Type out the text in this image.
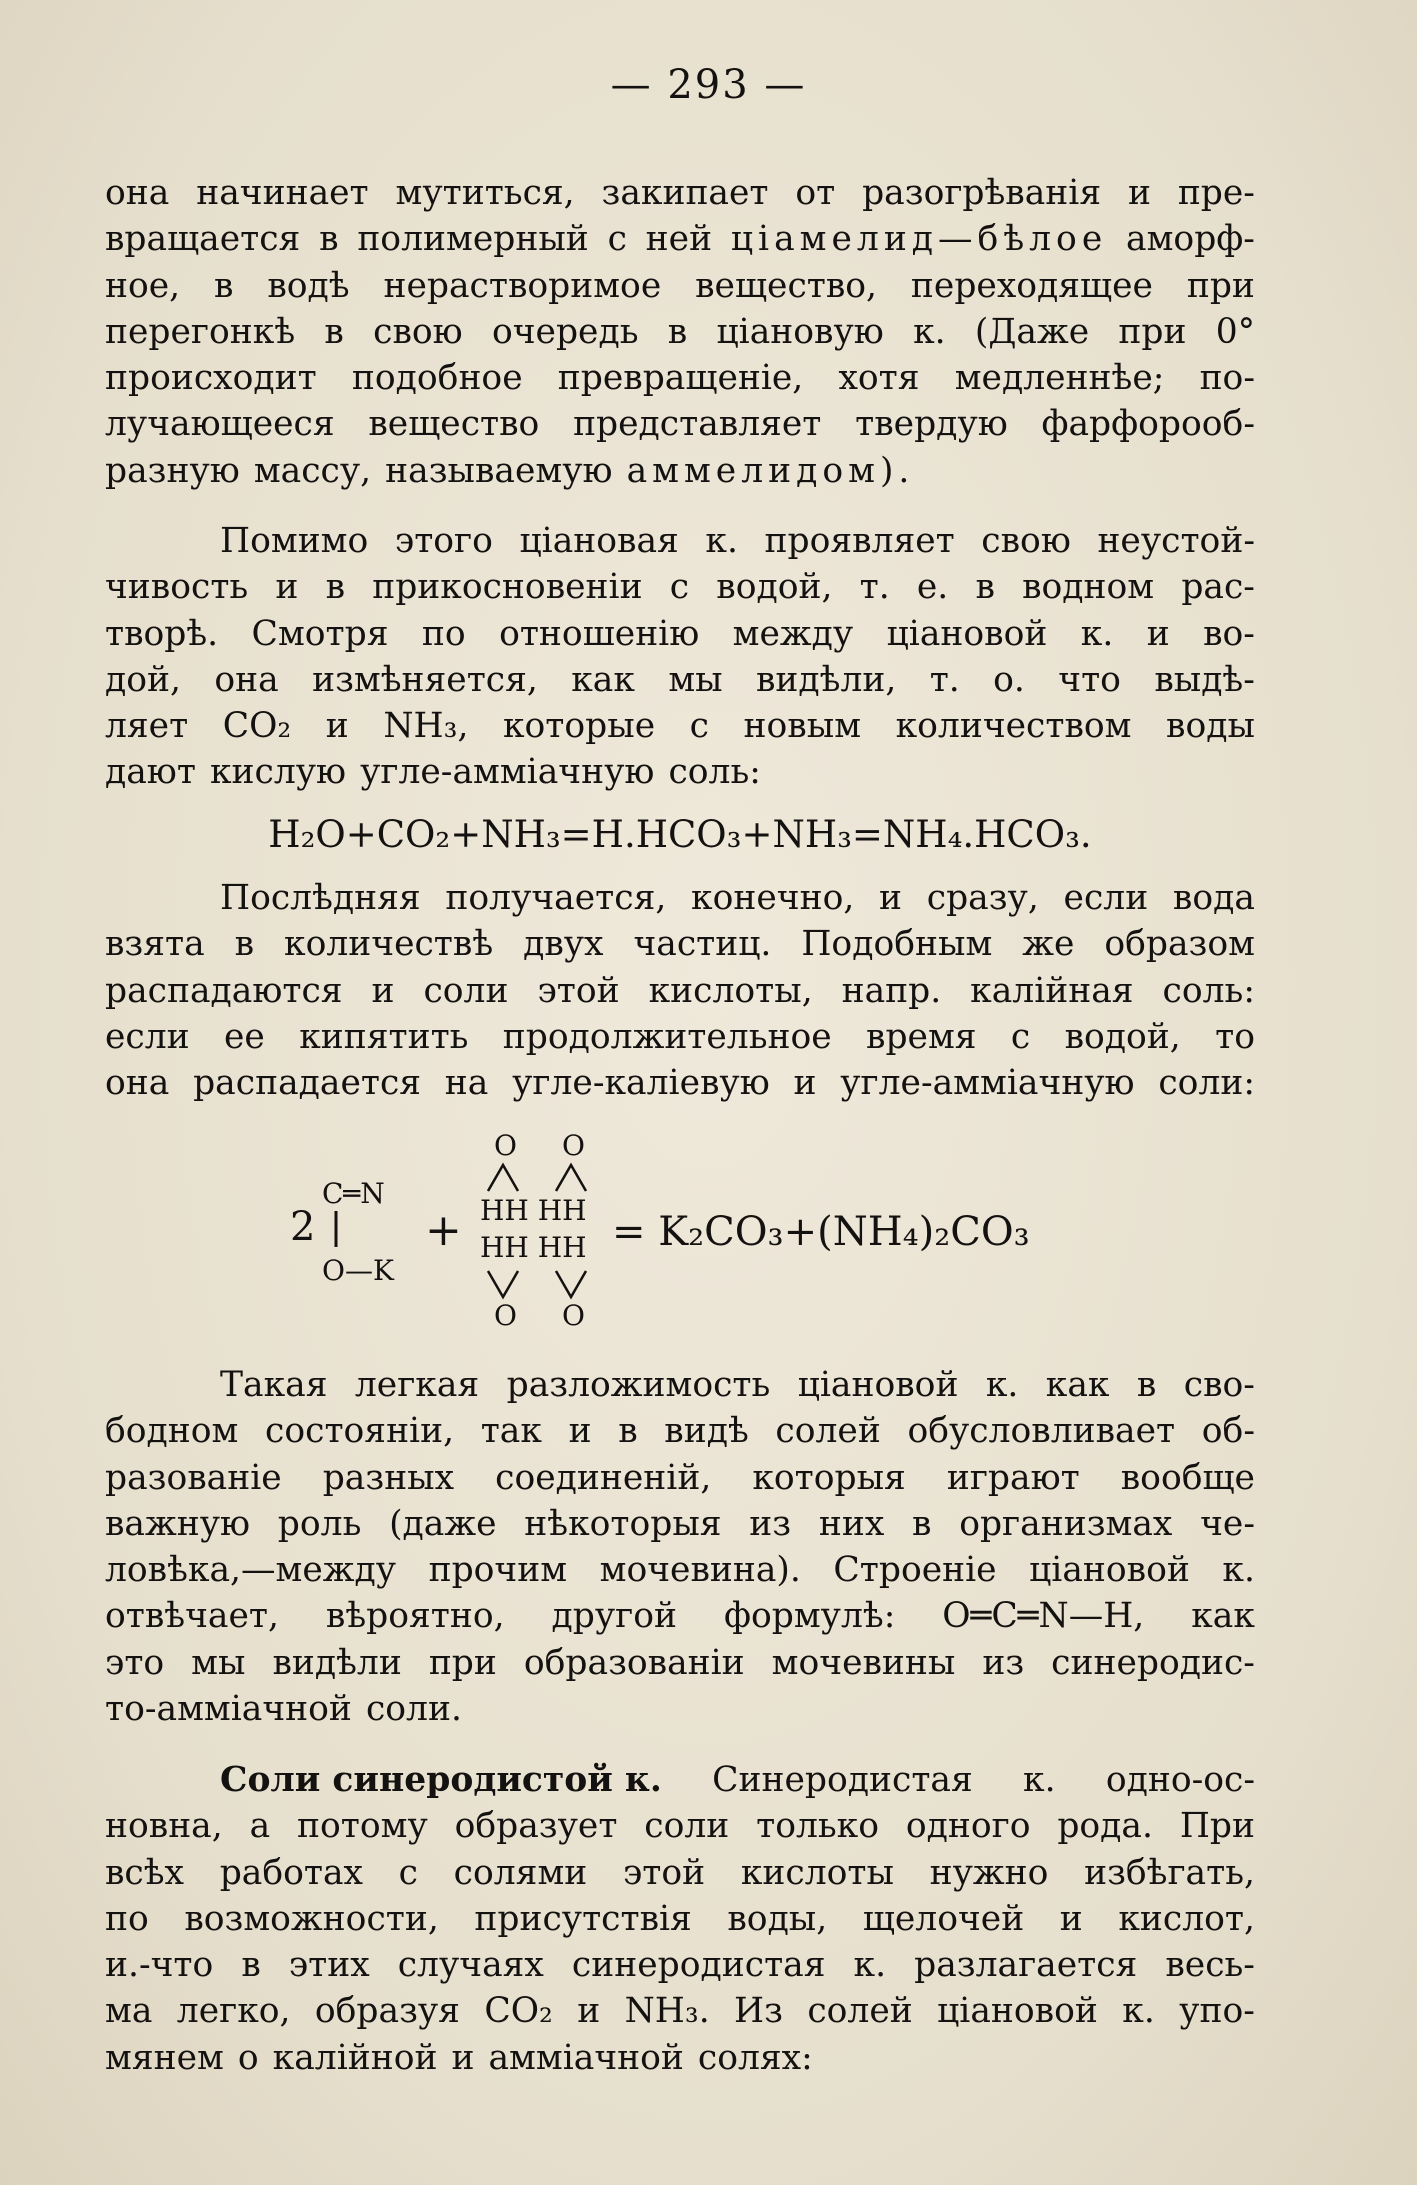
— 293 —
она начинает мутиться, закипает от разогрѣванія и пре-
вращается в полимерный с ней ціамелид—бѣлое аморф-
ное, в водѣ нерастворимое вещество, переходящее при
перегонкѣ в свою очередь в ціановую к. (Даже при 0°
происходит подобное превращеніе, хотя медленнѣе; по-
лучающееся вещество представляет твердую фарфорооб-
разную массу, называемую аммелидом).
Помимо этого ціановая к. проявляет свою неустой-
чивость и в прикосновеніи с водой, т. е. в водном рас-
творѣ. Смотря по отношенію между ціановой к. и во-
дой, она измѣняется, как мы видѣли, т. о. что выдѣ-
ляет CO₂ и NH₃, которые с новым количеством воды
дают кислую угле-амміачную соль:
H₂O+CO₂+NH₃=H.HCO₃+NH₃=NH₄.HCO₃.
Послѣдняя получается, конечно, и сразу, если вода
взята в количествѣ двух частиц. Подобным же образом
распадаются и соли этой кислоты, напр. калійная соль:
если ее кипятить продолжительное время с водой, то
она распадается на угле-каліевую и угле-амміачную соли:
2
C═N
O—K
+
O O
HH HH
HH HH
O O
= K₂CO₃+(NH₄)₂CO₃
Такая легкая разложимость ціановой к. как в сво-
бодном состояніи, так и в видѣ солей обусловливает об-
разованіе разных соединеній, которыя играют вообще
важную роль (даже нѣкоторыя из них в организмах че-
ловѣка,—между прочим мочевина). Строеніе ціановой к.
отвѣчает, вѣроятно, другой формулѣ: O═C═N—H, как
это мы видѣли при образованіи мочевины из синеродис-
то-амміачной соли.
Соли синеродистой к. Синеродистая к. одно-ос-
новна, а потому образует соли только одного рода. При
всѣх работах с солями этой кислоты нужно избѣгать,
по возможности, присутствія воды, щелочей и кислот,
и.-что в этих случаях синеродистая к. разлагается весь-
ма легко, образуя CO₂ и NH₃. Из солей ціановой к. упо-
мянем о калійной и амміачной солях:
